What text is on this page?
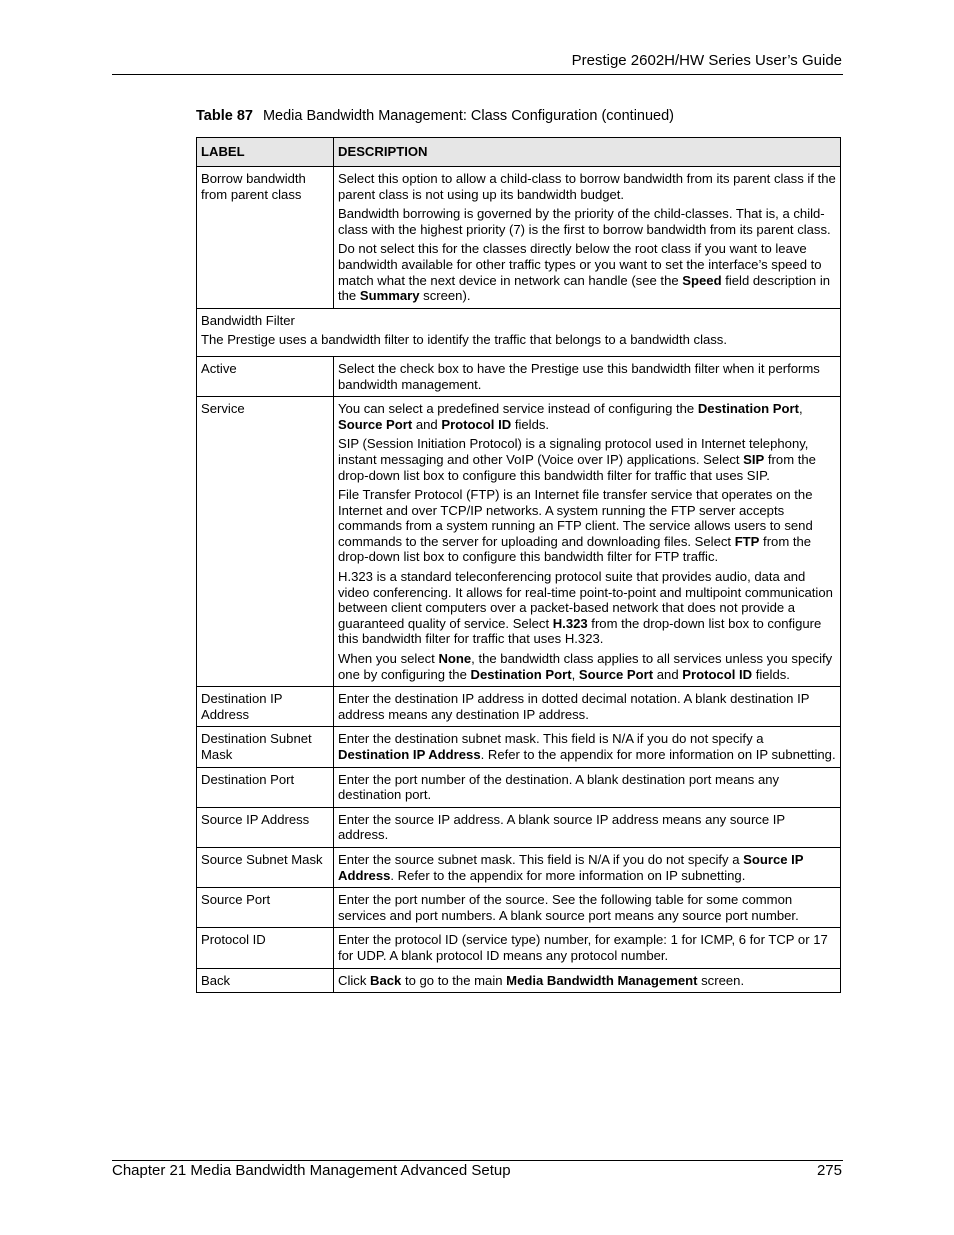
Prestige 2602H/HW Series User’s Guide
Table 87 Media Bandwidth Management: Class Configuration (continued)
LABEL	DESCRIPTION
Borrow bandwidth from parent class	Select this option to allow a child-class to borrow bandwidth from its parent class if the parent class is not using up its bandwidth budget.

Bandwidth borrowing is governed by the priority of the child-classes. That is, a child-class with the highest priority (7) is the first to borrow bandwidth from its parent class.

Do not select this for the classes directly below the root class if you want to leave bandwidth available for other traffic types or you want to set the interface’s speed to match what the next device in network can handle (see the Speed field description in the Summary screen).

Bandwidth Filter

The Prestige uses a bandwidth filter to identify the traffic that belongs to a bandwidth class.	

Active	Select the check box to have the Prestige use this bandwidth filter when it performs bandwidth management.
Service	You can select a predefined service instead of configuring the Destination Port, Source Port and Protocol ID fields.

SIP (Session Initiation Protocol) is a signaling protocol used in Internet telephony, instant messaging and other VoIP (Voice over IP) applications. Select SIP from the drop-down list box to configure this bandwidth filter for traffic that uses SIP.

File Transfer Protocol (FTP) is an Internet file transfer service that operates on the Internet and over TCP/IP networks. A system running the FTP server accepts commands from a system running an FTP client. The service allows users to send commands to the server for uploading and downloading files. Select FTP from the drop-down list box to configure this bandwidth filter for FTP traffic.

H.323 is a standard teleconferencing protocol suite that provides audio, data and video conferencing. It allows for real-time point-to-point and multipoint communication between client computers over a packet-based network that does not provide a guaranteed quality of service. Select H.323 from the drop-down list box to configure this bandwidth filter for traffic that uses H.323.

When you select None, the bandwidth class applies to all services unless you specify one by configuring the Destination Port, Source Port and Protocol ID fields.

Destination IP Address	Enter the destination IP address in dotted decimal notation. A blank destination IP address means any destination IP address.
Destination Subnet Mask	Enter the destination subnet mask. This field is N/A if you do not specify a Destination IP Address. Refer to the appendix for more information on IP subnetting.
Destination Port	Enter the port number of the destination. A blank destination port means any destination port.
Source IP Address	Enter the source IP address. A blank source IP address means any source IP address.
Source Subnet Mask	Enter the source subnet mask. This field is N/A if you do not specify a Source IP Address. Refer to the appendix for more information on IP subnetting.
Source Port	Enter the port number of the source. See the following table for some common services and port numbers. A blank source port means any source port number.
Protocol ID	Enter the protocol ID (service type) number, for example: 1 for ICMP, 6 for TCP or 17 for UDP. A blank protocol ID means any protocol number.
Back	Click Back to go to the main Media Bandwidth Management screen.
Chapter 21 Media Bandwidth Management Advanced Setup	275
